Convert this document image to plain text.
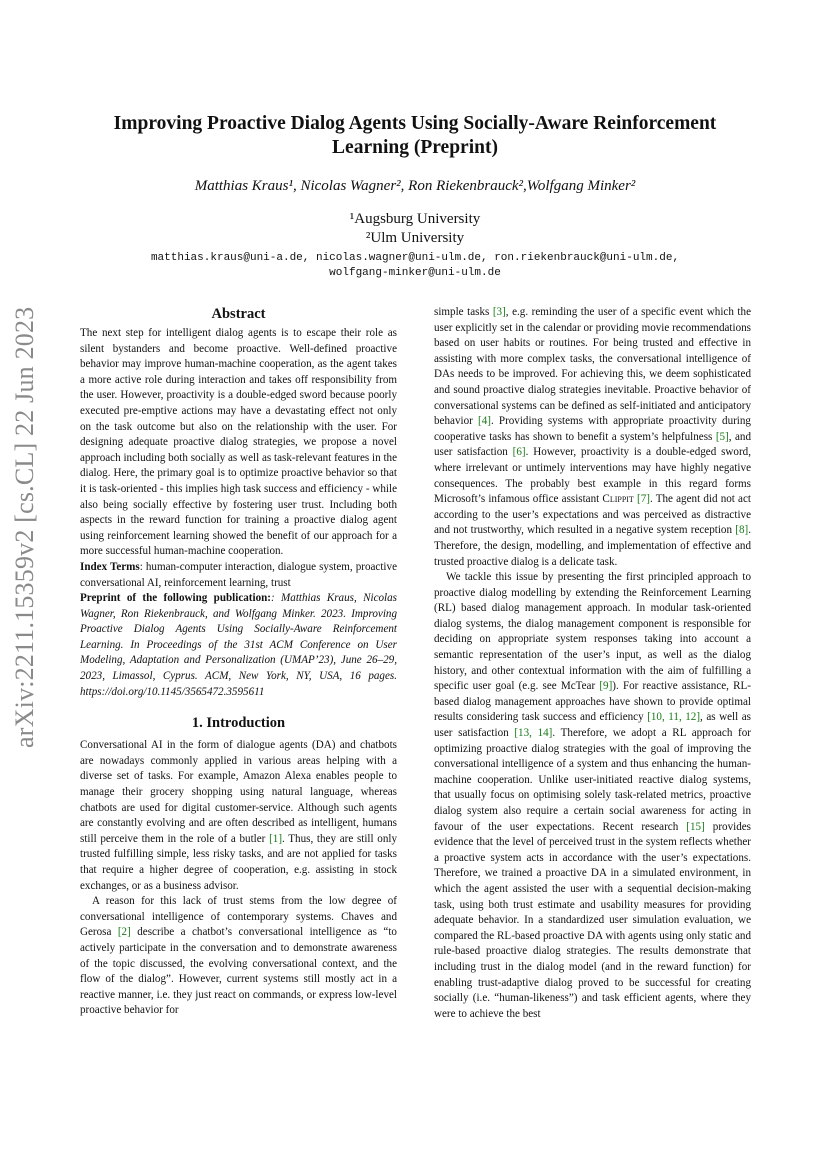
arXiv:2211.15359v2 [cs.CL] 22 Jun 2023
Improving Proactive Dialog Agents Using Socially-Aware Reinforcement Learning (Preprint)
Matthias Kraus¹, Nicolas Wagner², Ron Riekenbrauck²,Wolfgang Minker²
¹Augsburg University
²Ulm University
matthias.kraus@uni-a.de, nicolas.wagner@uni-ulm.de, ron.riekenbrauck@uni-ulm.de,
wolfgang-minker@uni-ulm.de
Abstract

The next step for intelligent dialog agents is to escape their role as silent bystanders and become proactive. Well-defined proactive behavior may improve human-machine cooperation, as the agent takes a more active role during interaction and takes off responsibility from the user. However, proactivity is a double-edged sword because poorly executed pre-emptive actions may have a devastating effect not only on the task outcome but also on the relationship with the user. For designing adequate proactive dialog strategies, we propose a novel approach including both socially as well as task-relevant features in the dialog. Here, the primary goal is to optimize proactive behavior so that it is task-oriented - this implies high task success and efficiency - while also being socially effective by fostering user trust. Including both aspects in the reward function for training a proactive dialog agent using reinforcement learning showed the benefit of our approach for a more successful human-machine cooperation.

Index Terms: human-computer interaction, dialogue system, proactive conversational AI, reinforcement learning, trust

Preprint of the following publication:: Matthias Kraus, Nicolas Wagner, Ron Riekenbrauck, and Wolfgang Minker. 2023. Improving Proactive Dialog Agents Using Socially-Aware Reinforcement Learning. In Proceedings of the 31st ACM Conference on User Modeling, Adaptation and Personalization (UMAP’23), June 26–29, 2023, Limassol, Cyprus. ACM, New York, NY, USA, 16 pages. https://doi.org/10.1145/3565472.3595611

1. Introduction

Conversational AI in the form of dialogue agents (DA) and chatbots are nowadays commonly applied in various areas helping with a diverse set of tasks. For example, Amazon Alexa enables people to manage their grocery shopping using natural language, whereas chatbots are used for digital customer-service. Although such agents are constantly evolving and are often described as intelligent, humans still perceive them in the role of a butler [1]. Thus, they are still only trusted fulfilling simple, less risky tasks, and are not applied for tasks that require a higher degree of cooperation, e.g. assisting in stock exchanges, or as a business advisor.

A reason for this lack of trust stems from the low degree of conversational intelligence of contemporary systems. Chaves and Gerosa [2] describe a chatbot’s conversational intelligence as “to actively participate in the conversation and to demonstrate awareness of the topic discussed, the evolving conversational context, and the flow of the dialog”. However, current systems still mostly act in a reactive manner, i.e. they just react on commands, or express low-level proactive behavior for

simple tasks [3], e.g. reminding the user of a specific event which the user explicitly set in the calendar or providing movie recommendations based on user habits or routines. For being trusted and effective in assisting with more complex tasks, the conversational intelligence of DAs needs to be improved. For achieving this, we deem sophisticated and sound proactive dialog strategies inevitable. Proactive behavior of conversational systems can be defined as self-initiated and anticipatory behavior [4]. Providing systems with appropriate proactivity during cooperative tasks has shown to benefit a system’s helpfulness [5], and user satisfaction [6]. However, proactivity is a double-edged sword, where irrelevant or untimely interventions may have highly negative consequences. The probably best example in this regard forms Microsoft’s infamous office assistant Clippit [7]. The agent did not act according to the user’s expectations and was perceived as distractive and not trustworthy, which resulted in a negative system reception [8]. Therefore, the design, modelling, and implementation of effective and trusted proactive dialog is a delicate task.

We tackle this issue by presenting the first principled approach to proactive dialog modelling by extending the Reinforcement Learning (RL) based dialog management approach. In modular task-oriented dialog systems, the dialog management component is responsible for deciding on appropriate system responses taking into account a semantic representation of the user’s input, as well as the dialog history, and other contextual information with the aim of fulfilling a specific user goal (e.g. see McTear [9]). For reactive assistance, RL-based dialog management approaches have shown to provide optimal results considering task success and efficiency [10, 11, 12], as well as user satisfaction [13, 14]. Therefore, we adopt a RL approach for optimizing proactive dialog strategies with the goal of improving the conversational intelligence of a system and thus enhancing the human-machine cooperation. Unlike user-initiated reactive dialog systems, that usually focus on optimising solely task-related metrics, proactive dialog system also require a certain social awareness for acting in favour of the user expectations. Recent research [15] provides evidence that the level of perceived trust in the system reflects whether a proactive system acts in accordance with the user’s expectations. Therefore, we trained a proactive DA in a simulated environment, in which the agent assisted the user with a sequential decision-making task, using both trust estimate and usability measures for providing adequate behavior. In a standardized user simulation evaluation, we compared the RL-based proactive DA with agents using only static and rule-based proactive dialog strategies. The results demonstrate that including trust in the dialog model (and in the reward function) for enabling trust-adaptive dialog proved to be successful for creating socially (i.e. “human-likeness”) and task efficient agents, where they were to achieve the best
